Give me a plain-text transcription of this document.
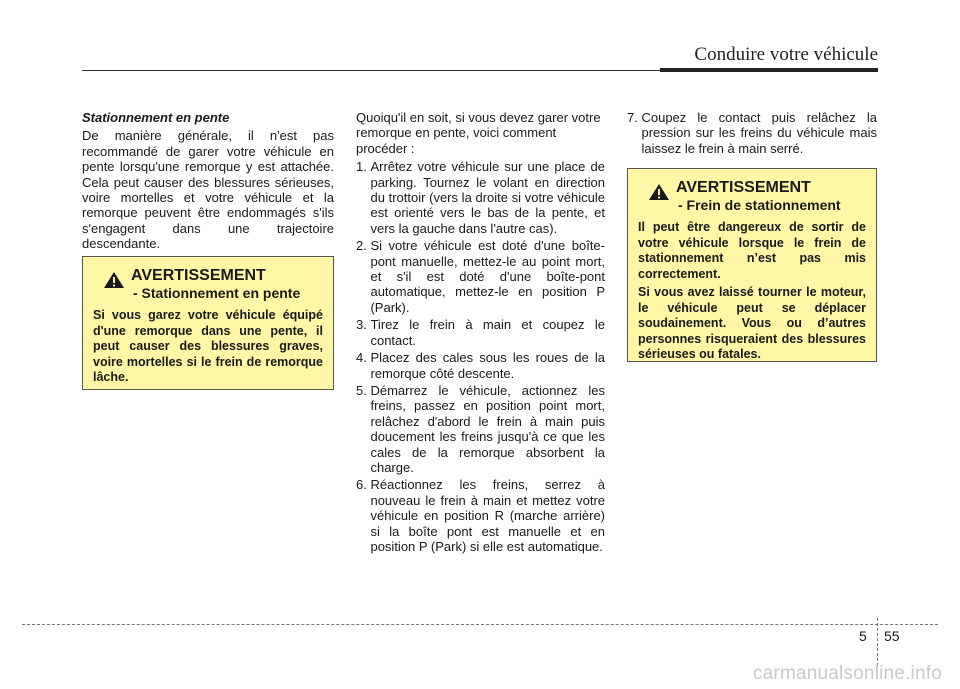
Conduire votre véhicule

Stationnement en pente

De manière générale, il n'est pas recommandé de garer votre véhicule en pente lorsqu'une remorque y est attachée. Cela peut causer des blessures sérieuses, voire mortelles et votre véhicule et la remorque peuvent être endommagés s'ils s'engagent dans une trajectoire descendante.

AVERTISSEMENT
- Stationnement en pente

Si vous garez votre véhicule équipé d'une remorque dans une pente, il peut causer des blessures graves, voire mortelles si le frein de remorque lâche.

Quoiqu'il en soit, si vous devez garer votre remorque en pente, voici comment procéder :

1.
Arrêtez votre véhicule sur une place de parking. Tournez le volant en direction du trottoir (vers la droite si votre véhicule est orienté vers le bas de la pente, et vers la gauche dans l'autre cas).
2.
Si votre véhicule est doté d'une boîte-pont manuelle, mettez-le au point mort, et s'il est doté d'une boîte-pont automatique, mettez-le en position P (Park).
3.
Tirez le frein à main et coupez le contact.
4.
Placez des cales sous les roues de la remorque côté descente.
5.
Démarrez le véhicule, actionnez les freins, passez en position point mort, relâchez d'abord le frein à main puis doucement les freins jusqu'à ce que les cales de la remorque absorbent la charge.
6.
Réactionnez les freins, serrez à nouveau le frein à main et mettez votre véhicule en position R (marche arrière) si la boîte pont est manuelle et en position P (Park) si elle est automatique.
7.
Coupez le contact puis relâchez la pression sur les freins du véhicule mais laissez le frein à main serré.
AVERTISSEMENT
- Frein de stationnement

Il peut être dangereux de sortir de votre véhicule lorsque le frein de stationnement n’est pas mis correctement.

Si vous avez laissé tourner le moteur, le véhicule peut se déplacer soudainement. Vous ou d’autres personnes risqueraient des blessures sérieuses ou fatales.

5 55
carmanualsonline.info
